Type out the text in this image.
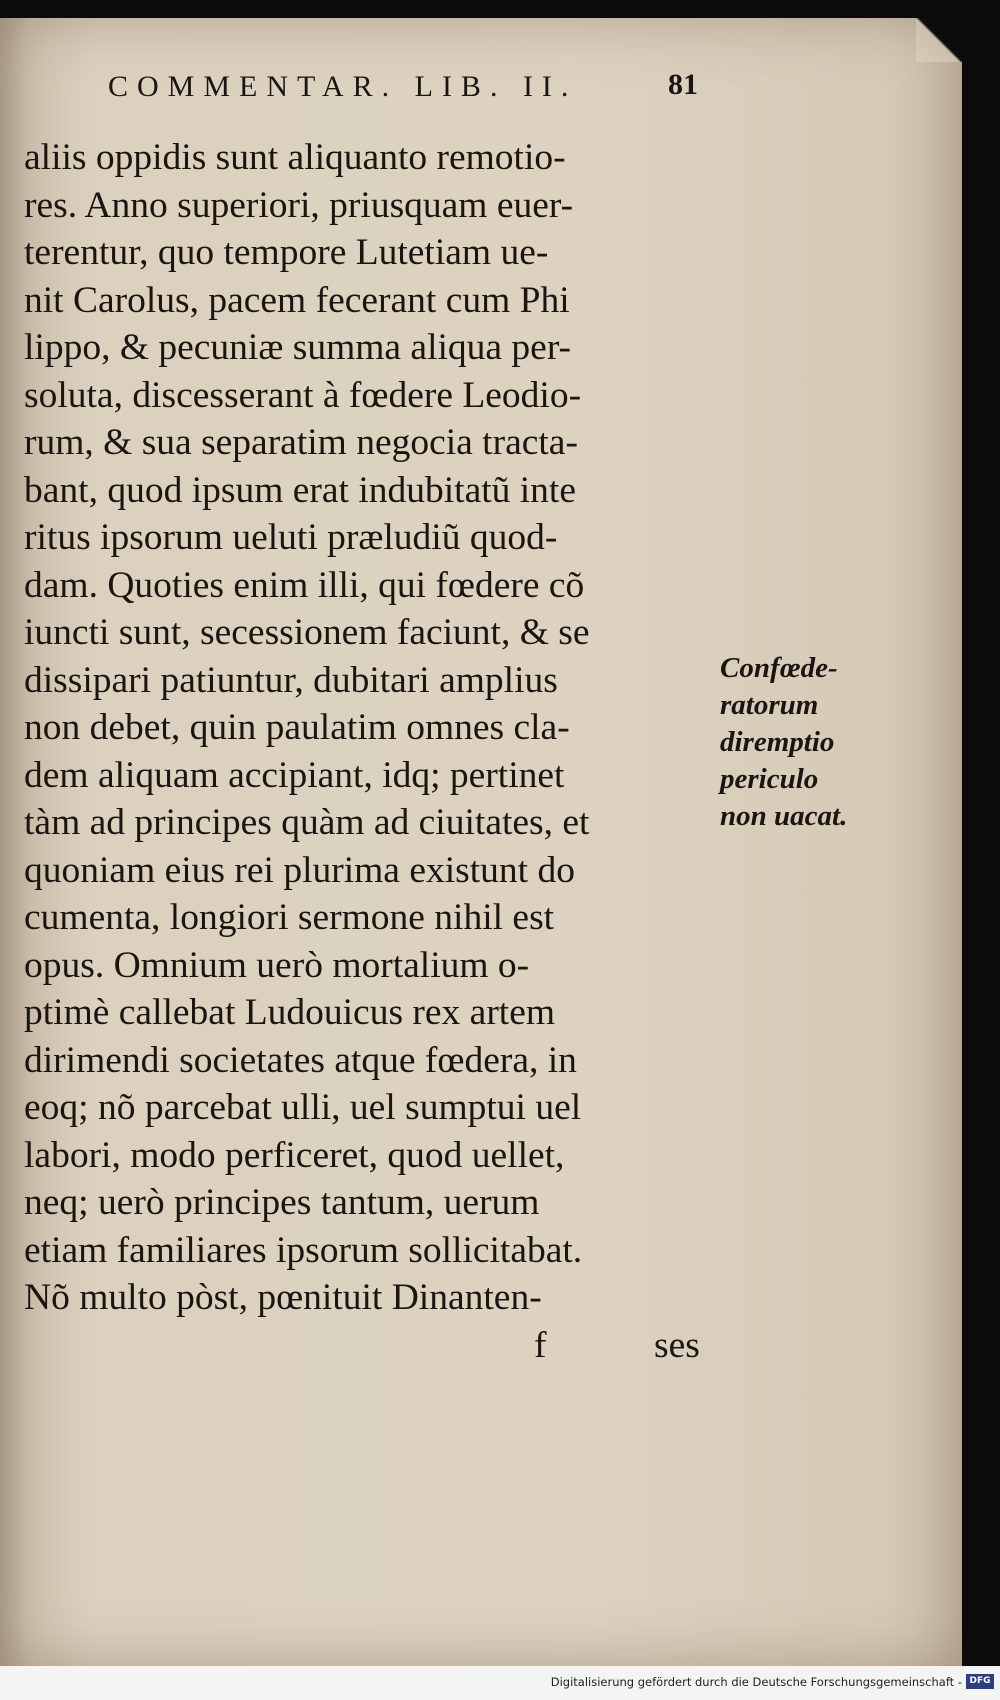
COMMENTAR. LIB. II.	81
aliis oppidis sunt aliquanto remotio-
res. Anno superiori, priusquam euer-
terentur, quo tempore Lutetiam ue-
nit Carolus, pacem fecerant cum Phi
lippo, & pecuniæ summa aliqua per-
soluta, discesserant à fœdere Leodio-
rum, & sua separatim negocia tracta-
bant, quod ipsum erat indubitatũ inte
ritus ipsorum ueluti præludiũ quod-
dam. Quoties enim illi, qui fœdere cõ
iuncti sunt, secessionem faciunt, & se
dissipari patiuntur, dubitari amplius
non debet, quin paulatim omnes cla-
dem aliquam accipiant, idq; pertinet
tàm ad principes quàm ad ciuitates, et
quoniam eius rei plurima existunt do
cumenta, longiori sermone nihil est
opus. Omnium uerò mortalium o-
ptimè callebat Ludouicus rex artem
dirimendi societates atque fœdera, in
eoq; nõ parcebat ulli, uel sumptui uel
labori, modo perficeret, quod uellet,
neq; uerò principes tantum, uerum
etiam familiares ipsorum sollicitabat.
Nõ multo pòst, pœnituit Dinanten-
f	ses
Confœde-
ratorum
diremptio
periculo
non uacat.
Digitalisierung gefördert durch die Deutsche Forschungsgemeinschaft - DFG
